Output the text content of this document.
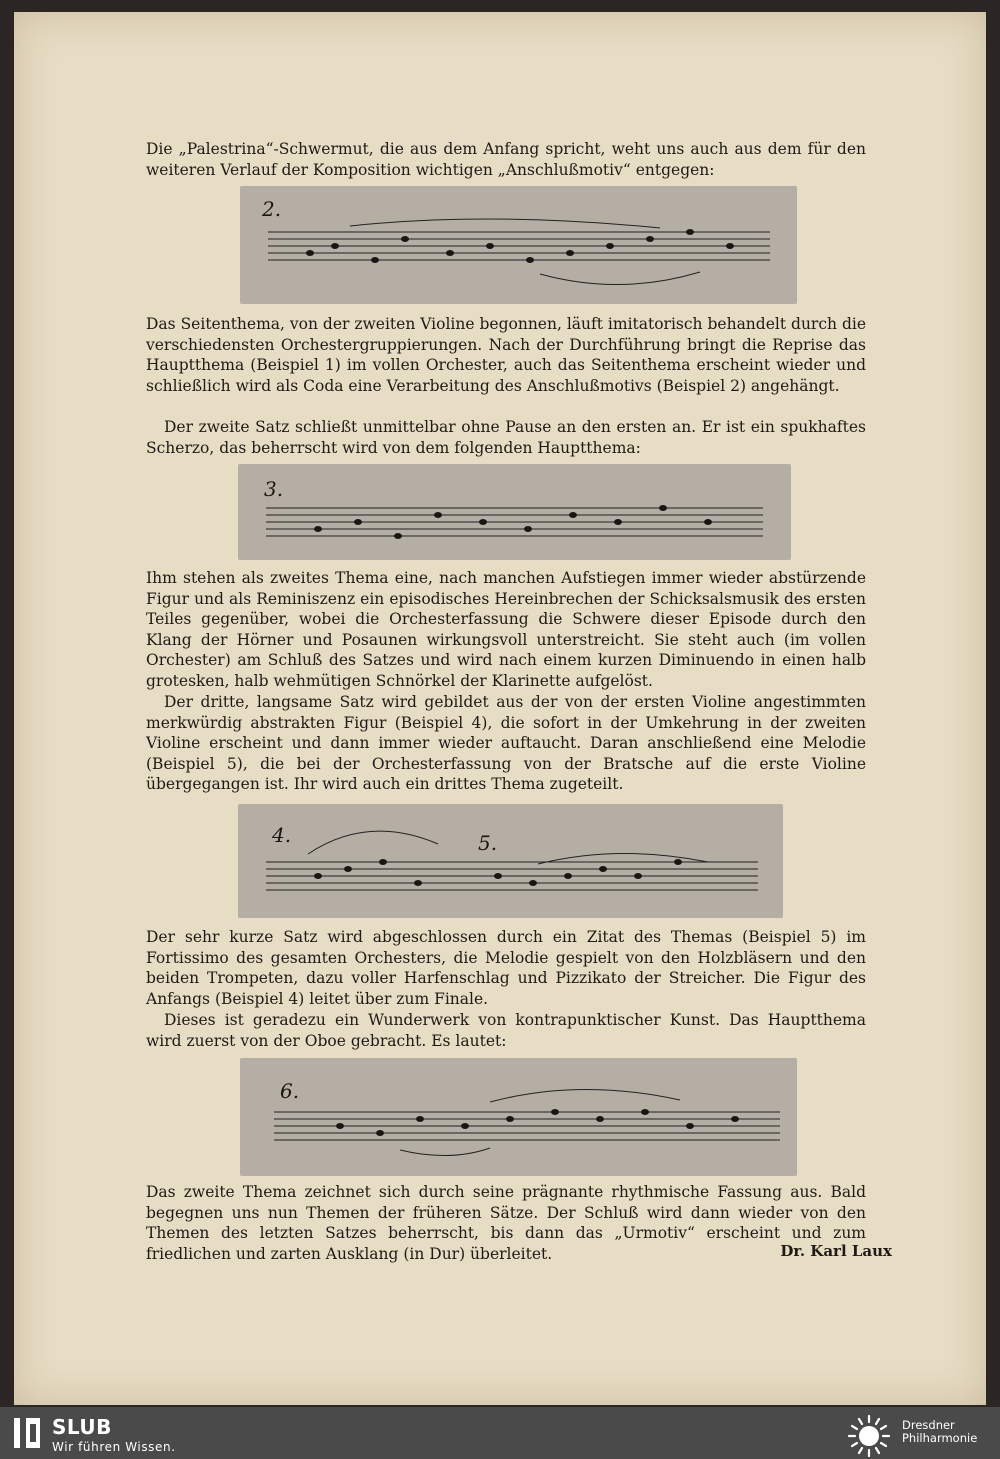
Die „Palestrina“-Schwermut, die aus dem Anfang spricht, weht uns auch aus dem für den weiteren Verlauf der Komposition wichtigen „Anschlußmotiv“ entgegen:

2.

Das Seitenthema, von der zweiten Violine begonnen, läuft imitatorisch behandelt durch die verschiedensten Orchestergruppierungen. Nach der Durchführung bringt die Reprise das Hauptthema (Beispiel 1) im vollen Orchester, auch das Seitenthema erscheint wieder und schließlich wird als Coda eine Verarbeitung des Anschlußmotivs (Beispiel 2) angehängt.

Der zweite Satz schließt unmittelbar ohne Pause an den ersten an. Er ist ein spukhaftes Scherzo, das beherrscht wird von dem folgenden Hauptthema:

3.

Ihm stehen als zweites Thema eine, nach manchen Aufstiegen immer wieder abstürzende Figur und als Reminiszenz ein episodisches Hereinbrechen der Schicksalsmusik des ersten Teiles gegenüber, wobei die Orchesterfassung die Schwere dieser Episode durch den Klang der Hörner und Posaunen wirkungsvoll unterstreicht. Sie steht auch (im vollen Orchester) am Schluß des Satzes und wird nach einem kurzen Diminuendo in einen halb grotesken, halb wehmütigen Schnörkel der Klarinette aufgelöst.

Der dritte, langsame Satz wird gebildet aus der von der ersten Violine angestimmten merkwürdig abstrakten Figur (Beispiel 4), die sofort in der Umkehrung in der zweiten Violine erscheint und dann immer wieder auftaucht. Daran anschließend eine Melodie (Beispiel 5), die bei der Orchesterfassung von der Bratsche auf die erste Violine übergegangen ist. Ihr wird auch ein drittes Thema zugeteilt.

4.	5.

Der sehr kurze Satz wird abgeschlossen durch ein Zitat des Themas (Beispiel 5) im Fortissimo des gesamten Orchesters, die Melodie gespielt von den Holzbläsern und den beiden Trompeten, dazu voller Harfenschlag und Pizzikato der Streicher. Die Figur des Anfangs (Beispiel 4) leitet über zum Finale.

Dieses ist geradezu ein Wunderwerk von kontrapunktischer Kunst. Das Hauptthema wird zuerst von der Oboe gebracht. Es lautet:

6.

Das zweite Thema zeichnet sich durch seine prägnante rhythmische Fassung aus. Bald begegnen uns nun Themen der früheren Sätze. Der Schluß wird dann wieder von den Themen des letzten Satzes beherrscht, bis dann das „Urmotiv“ erscheint und zum friedlichen und zarten Ausklang (in Dur) überleitet.	Dr. Karl Laux
SLUB
Wir führen Wissen.
Dresdner
Philharmonie
